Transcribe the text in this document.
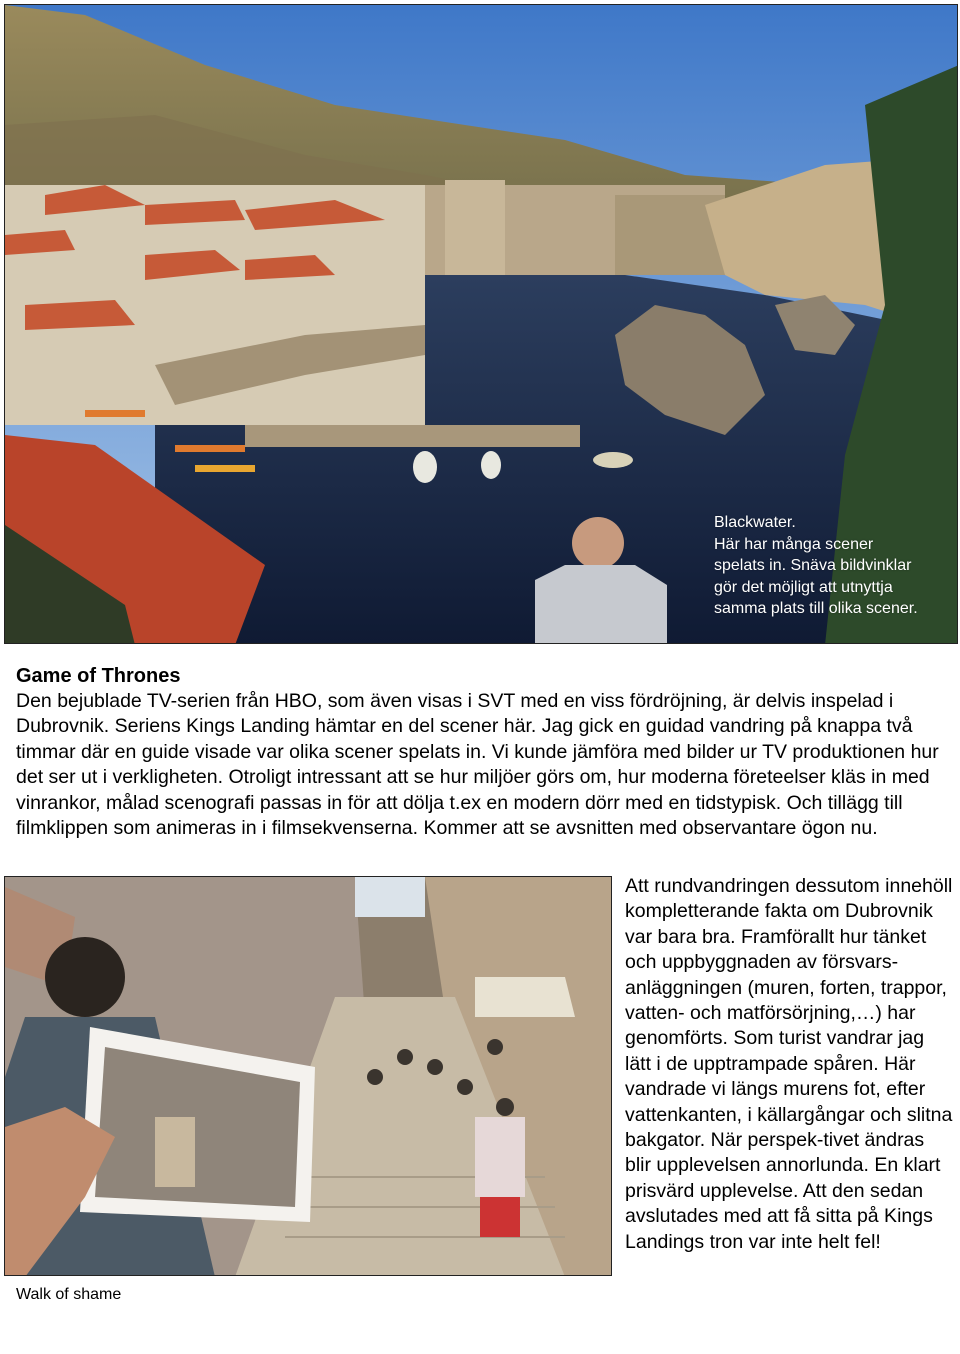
Blackwater.
Här har många scener
spelats in. Snäva bildvinklar
gör det möjligt att utnyttja
samma plats till olika scener.
Game of Thrones
Den bejublade TV-serien från HBO, som även visas i SVT med en viss fördröjning, är delvis inspelad i Dubrovnik. Seriens Kings Landing hämtar en del scener här. Jag gick en guidad vandring på knappa två timmar där en guide visade var olika scener spelats in. Vi kunde jämföra med bilder ur TV produktionen hur det ser ut i verkligheten. Otroligt intressant att se hur miljöer görs om, hur moderna företeelser kläs in med vinrankor, målad scenografi passas in för att dölja t.ex en modern dörr med en tidstypisk. Och tillägg till filmklippen som animeras in i filmsekvenserna. Kommer att se avsnitten med observantare ögon nu.
Walk of shame
Att rundvandringen dessutom innehöll kompletterande fakta om Dubrovnik var bara bra. Framförallt hur tänket och uppbyggnaden av försvars-anläggningen (muren, forten, trappor, vatten- och matförsörjning,…) har genomförts. Som turist vandrar jag lätt i de upptrampade spåren. Här vandrade vi längs murens fot, efter vattenkanten, i källargångar och slitna bakgator. När perspek-tivet ändras blir upplevelsen annorlunda. En klart prisvärd upplevelse. Att den sedan avslutades med att få sitta på Kings Landings tron var inte helt fel!
